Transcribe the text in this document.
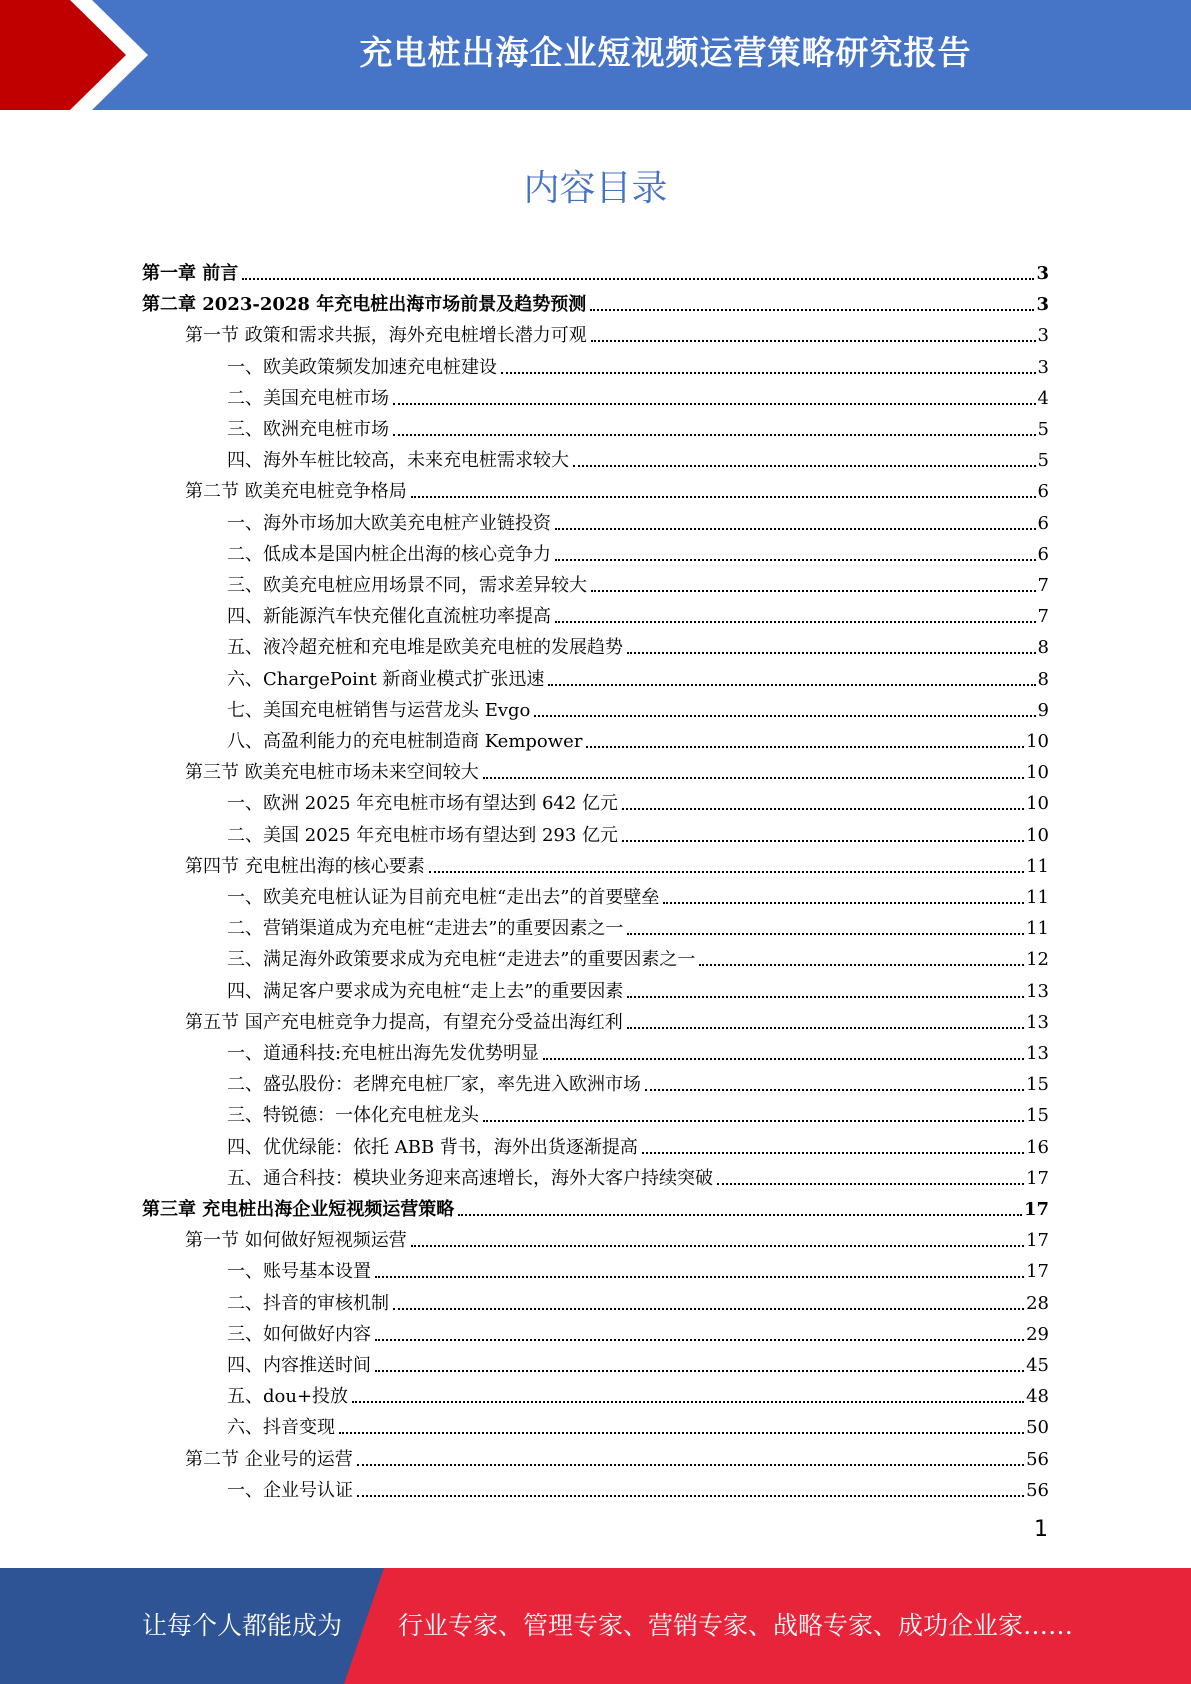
充电桩出海企业短视频运营策略研究报告
内容目录
第一章 前言	3
第二章 2023-2028 年充电桩出海市场前景及趋势预测	3
第一节 政策和需求共振，海外充电桩增长潜力可观	3
一、欧美政策频发加速充电桩建设	3
二、美国充电桩市场	4
三、欧洲充电桩市场	5
四、海外车桩比较高，未来充电桩需求较大	5
第二节 欧美充电桩竞争格局	6
一、海外市场加大欧美充电桩产业链投资	6
二、低成本是国内桩企出海的核心竞争力	6
三、欧美充电桩应用场景不同，需求差异较大	7
四、新能源汽车快充催化直流桩功率提高	7
五、液冷超充桩和充电堆是欧美充电桩的发展趋势	8
六、ChargePoint 新商业模式扩张迅速	8
七、美国充电桩销售与运营龙头 Evgo	9
八、高盈利能力的充电桩制造商 Kempower	10
第三节 欧美充电桩市场未来空间较大	10
一、欧洲 2025 年充电桩市场有望达到 642 亿元	10
二、美国 2025 年充电桩市场有望达到 293 亿元	10
第四节 充电桩出海的核心要素	11
一、欧美充电桩认证为目前充电桩“走出去”的首要壁垒	11
二、营销渠道成为充电桩“走进去”的重要因素之一	11
三、满足海外政策要求成为充电桩“走进去”的重要因素之一	12
四、满足客户要求成为充电桩“走上去”的重要因素	13
第五节 国产充电桩竞争力提高，有望充分受益出海红利	13
一、道通科技:充电桩出海先发优势明显	13
二、盛弘股份：老牌充电桩厂家，率先进入欧洲市场	15
三、特锐德：一体化充电桩龙头	15
四、优优绿能：依托 ABB 背书，海外出货逐渐提高	16
五、通合科技：模块业务迎来高速增长，海外大客户持续突破	17
第三章 充电桩出海企业短视频运营策略	17
第一节 如何做好短视频运营	17
一、账号基本设置	17
二、抖音的审核机制	28
三、如何做好内容	29
四、内容推送时间	45
五、dou+投放	48
六、抖音变现	50
第二节 企业号的运营	56
一、企业号认证	56
1
让每个人都能成为 行业专家、管理专家、营销专家、战略专家、成功企业家……
